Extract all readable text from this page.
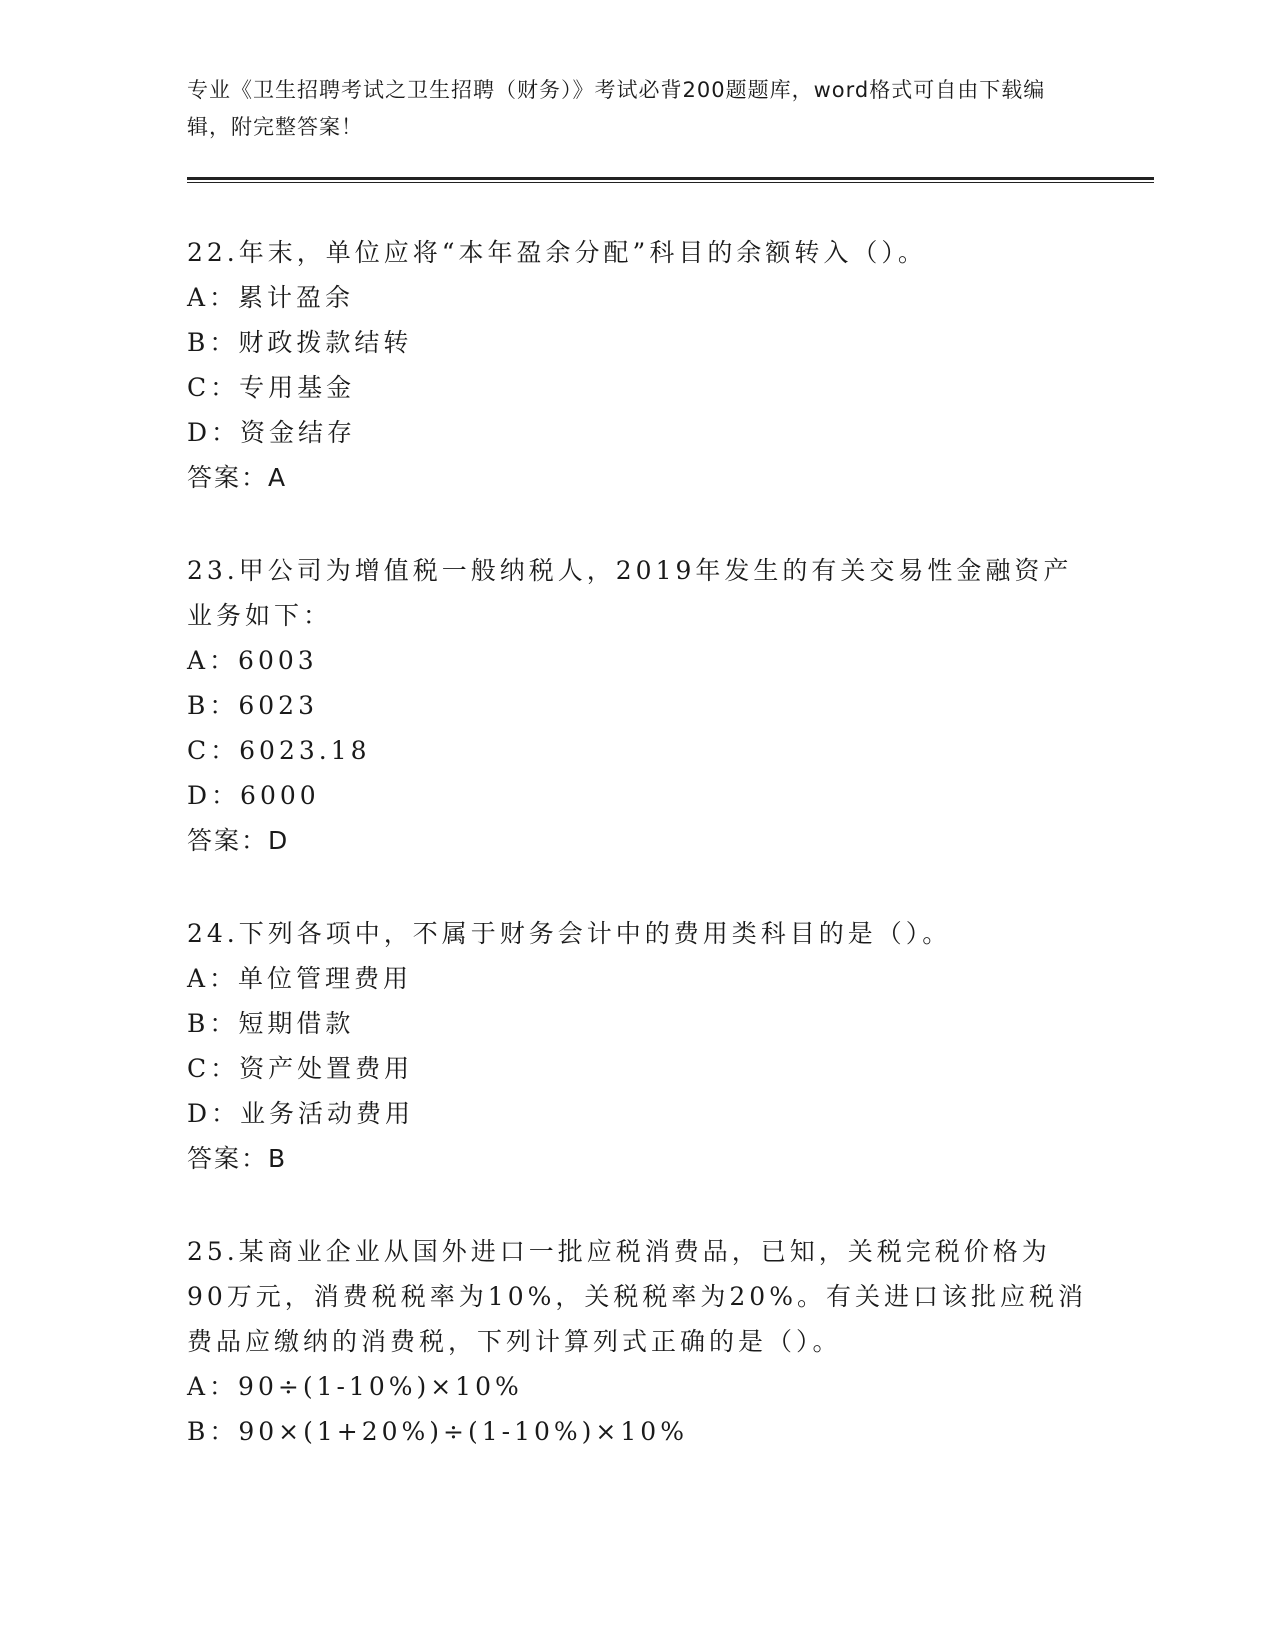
专业《卫生招聘考试之卫生招聘（财务）》考试必背200题题库，word格式可自由下载编辑，附完整答案！
22.年末，单位应将“本年盈余分配”科目的余额转入（）。
A：累计盈余
B：财政拨款结转
C：专用基金
D：资金结存
答案：A
23.甲公司为增值税一般纳税人，2019年发生的有关交易性金融资产业务如下：
A：6003
B：6023
C：6023.18
D：6000
答案：D
24.下列各项中，不属于财务会计中的费用类科目的是（）。
A：单位管理费用
B：短期借款
C：资产处置费用
D：业务活动费用
答案：B
25.某商业企业从国外进口一批应税消费品，已知，关税完税价格为90万元，消费税税率为10%，关税税率为20%。有关进口该批应税消费品应缴纳的消费税，下列计算列式正确的是（）。
A：90÷(1-10%)×10%
B：90×(1+20%)÷(1-10%)×10%
